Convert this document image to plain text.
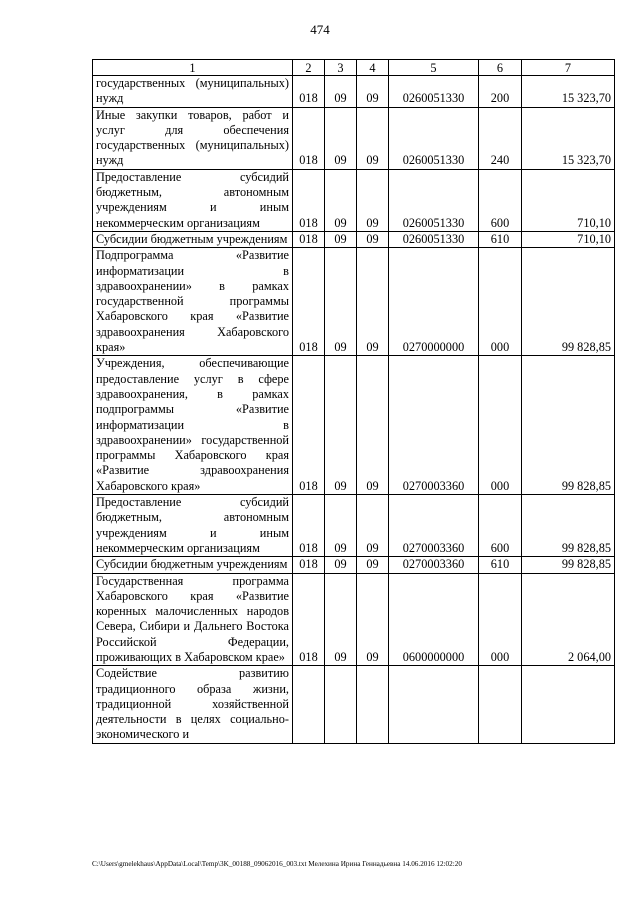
474
1	2	3	4	5	6	7
государственных (муниципальных) нужд	018	09	09	0260051330	200	15 323,70
Иные закупки товаров, работ и услуг для обеспечения государственных (муниципальных) нужд	018	09	09	0260051330	240	15 323,70
Предоставление субсидий бюджетным, автономным учреждениям и иным некоммерческим организациям	018	09	09	0260051330	600	710,10
Субсидии бюджетным учреждениям	018	09	09	0260051330	610	710,10
Подпрограмма «Развитие информатизации в здравоохранении» в рамках государственной программы Хабаровского края «Развитие здравоохранения Хабаровского края»	018	09	09	0270000000	000	99 828,85
Учреждения, обеспечивающие предоставление услуг в сфере здравоохранения, в рамках подпрограммы «Развитие информатизации в здравоохранении» государственной программы Хабаровского края «Развитие здравоохранения Хабаровского края»	018	09	09	0270003360	000	99 828,85
Предоставление субсидий бюджетным, автономным учреждениям и иным некоммерческим организациям	018	09	09	0270003360	600	99 828,85
Субсидии бюджетным учреждениям	018	09	09	0270003360	610	99 828,85
Государственная программа Хабаровского края «Развитие коренных малочисленных народов Севера, Сибири и Дальнего Востока Российской Федерации, проживающих в Хабаровском крае»	018	09	09	0600000000	000	2 064,00
Содействие развитию традиционного образа жизни, традиционной хозяйственной деятельности в целях социально-экономического и						
C:\Users\gmelekhaus\AppData\Local\Temp\3K_00188_09062016_003.txt Мелехина Ирина Геннадьевна 14.06.2016 12:02:20
